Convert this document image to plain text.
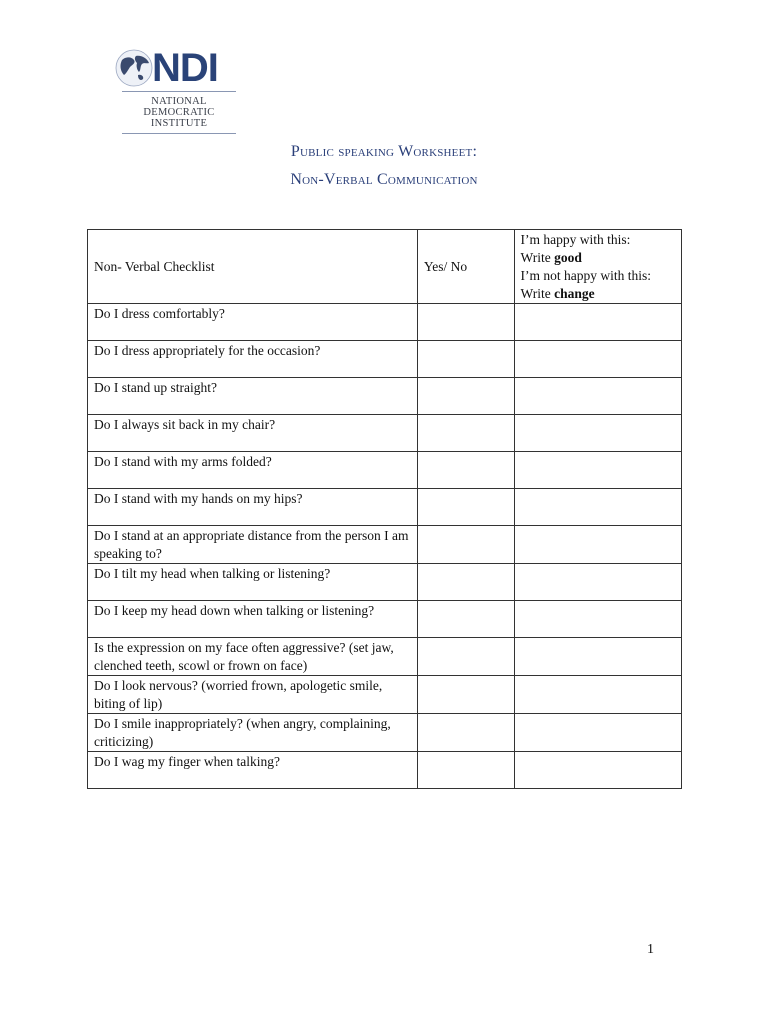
NDI
NATIONAL
DEMOCRATIC
INSTITUTE
Public speaking Worksheet:
Non-Verbal Communication
Non- Verbal Checklist	Yes/ No	I’m happy with this:
Write good
I’m not happy with this:
Write change

Do I dress comfortably?		
Do I dress appropriately for the occasion?		
Do I stand up straight?		
Do I always sit back in my chair?		
Do I stand with my arms folded?		
Do I stand with my hands on my hips?		
Do I stand at an appropriate distance from the person I am speaking to?		
Do I tilt my head when talking or listening?		
Do I keep my head down when talking or listening?		
Is the expression on my face often aggressive? (set jaw, clenched teeth, scowl or frown on face)		
Do I look nervous? (worried frown, apologetic smile, biting of lip)		
Do I smile inappropriately? (when angry, complaining, criticizing)		
Do I wag my finger when talking?		
1
